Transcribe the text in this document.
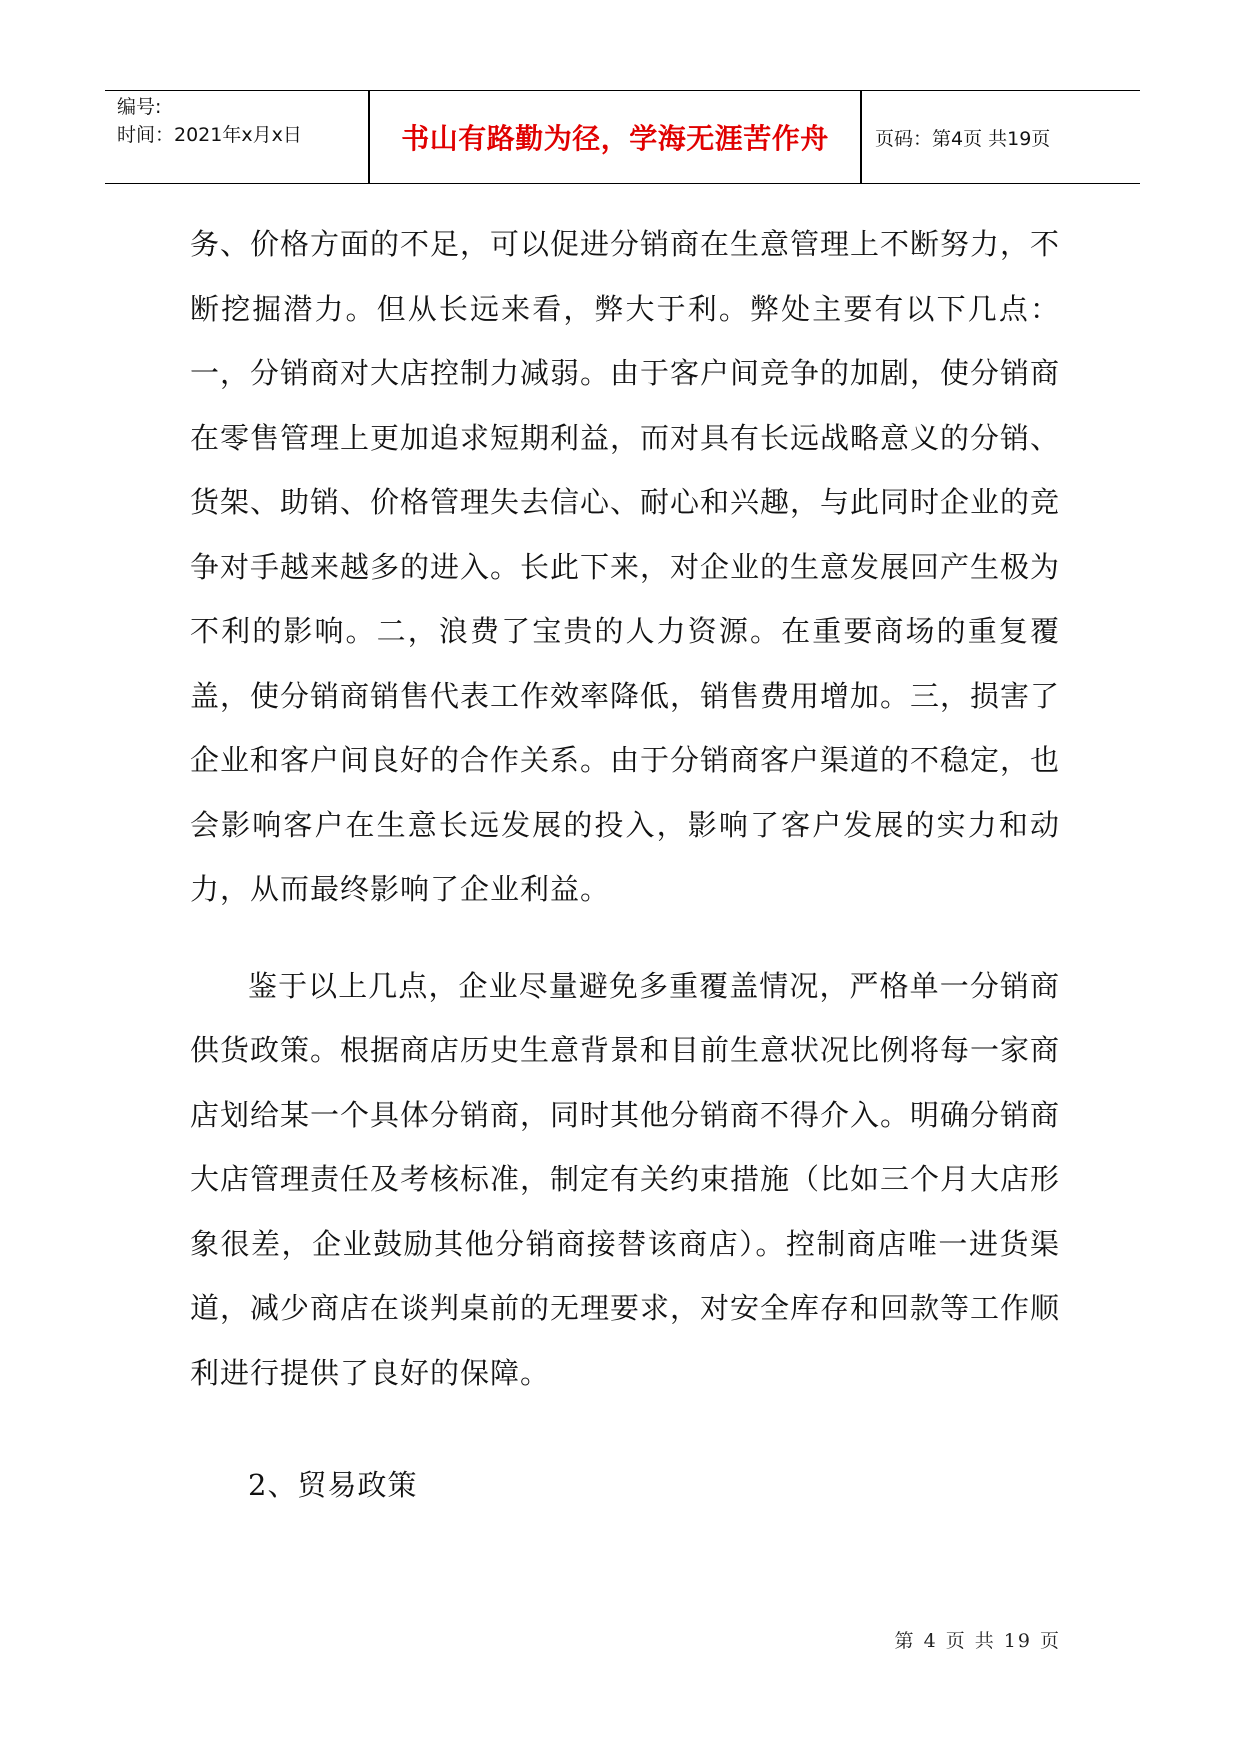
编号:
时间：2021年x月x日	书山有路勤为径，学海无涯苦作舟	页码：第4页 共19页

务、价格方面的不足，可以促进分销商在生意管理上不断努力，不断挖掘潜力。但从长远来看，弊大于利。弊处主要有以下几点：一，分销商对大店控制力减弱。由于客户间竞争的加剧，使分销商在零售管理上更加追求短期利益，而对具有长远战略意义的分销、货架、助销、价格管理失去信心、耐心和兴趣，与此同时企业的竞争对手越来越多的进入。长此下来，对企业的生意发展回产生极为不利的影响。二，浪费了宝贵的人力资源。在重要商场的重复覆盖，使分销商销售代表工作效率降低，销售费用增加。三，损害了企业和客户间良好的合作关系。由于分销商客户渠道的不稳定，也会影响客户在生意长远发展的投入，影响了客户发展的实力和动力，从而最终影响了企业利益。

鉴于以上几点，企业尽量避免多重覆盖情况，严格单一分销商供货政策。根据商店历史生意背景和目前生意状况比例将每一家商店划给某一个具体分销商，同时其他分销商不得介入。明确分销商大店管理责任及考核标准，制定有关约束措施（比如三个月大店形象很差，企业鼓励其他分销商接替该商店）。控制商店唯一进货渠道，减少商店在谈判桌前的无理要求，对安全库存和回款等工作顺利进行提供了良好的保障。

2、贸易政策

第 4 页 共 19 页
